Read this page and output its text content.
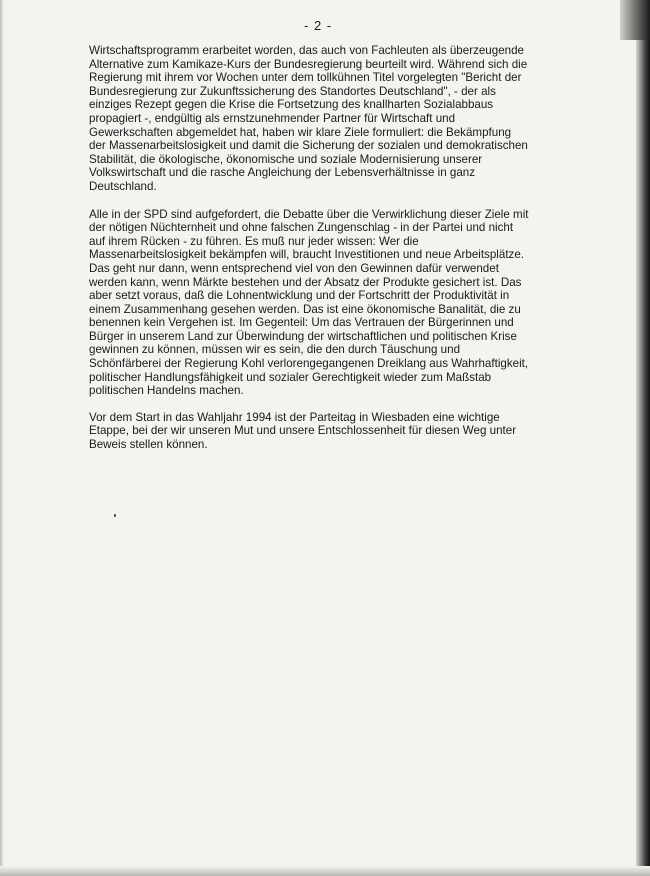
- 2 -

Wirtschaftsprogramm erarbeitet worden, das auch von Fachleuten als überzeugende Alternative zum Kamikaze-Kurs der Bundesregierung beurteilt wird. Während sich die Regierung mit ihrem vor Wochen unter dem tollkühnen Titel vorgelegten "Bericht der Bundesregierung zur Zukunftssicherung des Standortes Deutschland", - der als einziges Rezept gegen die Krise die Fortsetzung des knallharten Sozialabbaus propagiert -, endgültig als ernstzunehmender Partner für Wirtschaft und Gewerkschaften abgemeldet hat, haben wir klare Ziele formuliert: die Bekämpfung der Massenarbeitslosigkeit und damit die Sicherung der sozialen und demokratischen Stabilität, die ökologische, ökonomische und soziale Modernisierung unserer Volkswirtschaft und die rasche Angleichung der Lebensverhältnisse in ganz Deutschland.

Alle in der SPD sind aufgefordert, die Debatte über die Verwirklichung dieser Ziele mit der nötigen Nüchternheit und ohne falschen Zungenschlag - in der Partei und nicht auf ihrem Rücken - zu führen. Es muß nur jeder wissen: Wer die Massenarbeitslosigkeit bekämpfen will, braucht Investitionen und neue Arbeitsplätze. Das geht nur dann, wenn entsprechend viel von den Gewinnen dafür verwendet werden kann, wenn Märkte bestehen und der Absatz der Produkte gesichert ist. Das aber setzt voraus, daß die Lohnentwicklung und der Fortschritt der Produktivität in einem Zusammenhang gesehen werden. Das ist eine ökonomische Banalität, die zu benennen kein Vergehen ist. Im Gegenteil: Um das Vertrauen der Bürgerinnen und Bürger in unserem Land zur Überwindung der wirtschaftlichen und politischen Krise gewinnen zu können, müssen wir es sein, die den durch Täuschung und Schönfärberei der Regierung Kohl verlorengegangenen Dreiklang aus Wahrhaftigkeit, politischer Handlungsfähigkeit und sozialer Gerechtigkeit wieder zum Maßstab politischen Handelns machen.

Vor dem Start in das Wahljahr 1994 ist der Parteitag in Wiesbaden eine wichtige Etappe, bei der wir unseren Mut und unsere Entschlossenheit für diesen Weg unter Beweis stellen können.
